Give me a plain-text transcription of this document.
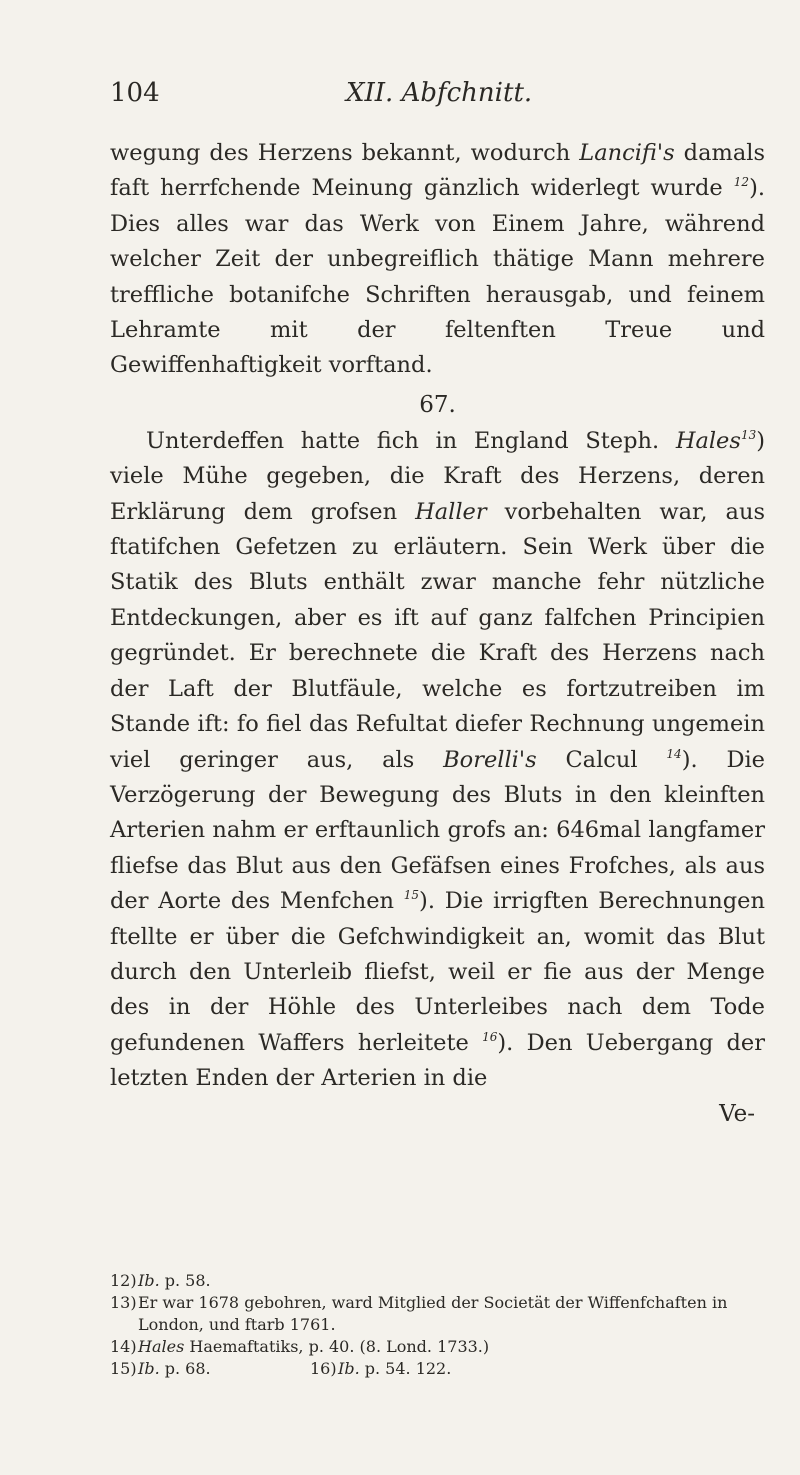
104	XII. Abfchnitt.

wegung des Herzens bekannt, wodurch Lancifi's damals faft herrfchende Meinung gänzlich widerlegt wurde $^{12}$). Dies alles war das Werk von Einem Jahre, während welcher Zeit der unbegreiflich thätige Mann mehrere treffliche botanifche Schriften herausgab, und feinem Lehramte mit der feltenften Treue und Gewiffenhaftigkeit vorftand.

67.

Unterdeffen hatte fich in England Steph. Hales$^{13}$) viele Mühe gegeben, die Kraft des Herzens, deren Erklärung dem grofsen Haller vorbehalten war, aus ftatifchen Gefetzen zu erläutern. Sein Werk über die Statik des Bluts enthält zwar manche fehr nützliche Entdeckungen, aber es ift auf ganz falfchen Principien gegründet. Er berechnete die Kraft des Herzens nach der Laft der Blutfäule, welche es fortzutreiben im Stande ift: fo fiel das Refultat diefer Rechnung ungemein viel geringer aus, als Borelli's Calcul $^{14}$). Die Verzögerung der Bewegung des Bluts in den kleinften Arterien nahm er erftaunlich grofs an: 646mal langfamer fliefse das Blut aus den Gefäfsen eines Frofches, als aus der Aorte des Menfchen $^{15}$). Die irrigften Berechnungen ftellte er über die Gefchwindigkeit an, womit das Blut durch den Unterleib fliefst, weil er fie aus der Menge des in der Höhle des Unterleibes nach dem Tode gefundenen Waffers herleitete $^{16}$). Den Uebergang der letzten Enden der Arterien in die

Ve-

12) Ib. p. 58.
13) Er war 1678 gebohren, ward Mitglied der Societät der Wiffenfchaften in London, und ftarb 1761.
14) Hales Haemaftatiks, p. 40. (8. Lond. 1733.)
15) Ib. p. 68.	16) Ib. p. 54. 122.
